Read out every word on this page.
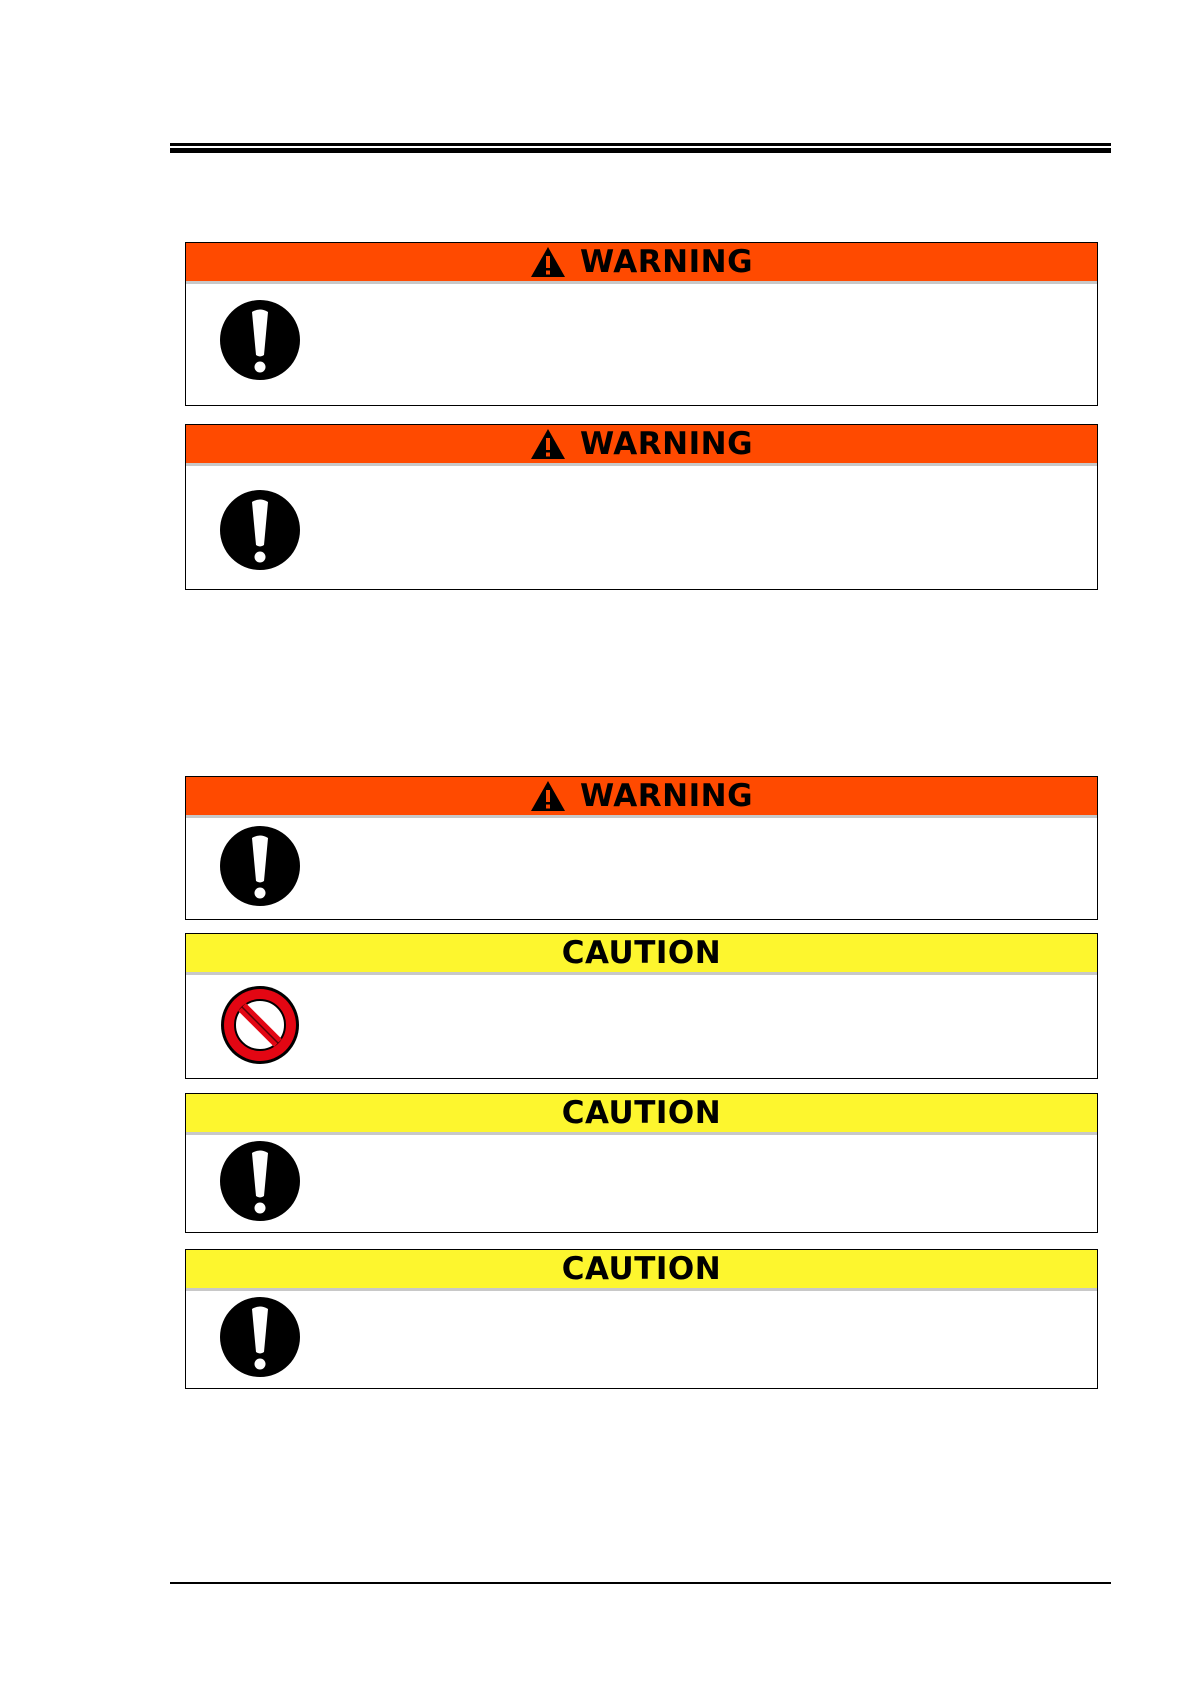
WARNING
WARNING
WARNING
CAUTION
CAUTION
CAUTION
